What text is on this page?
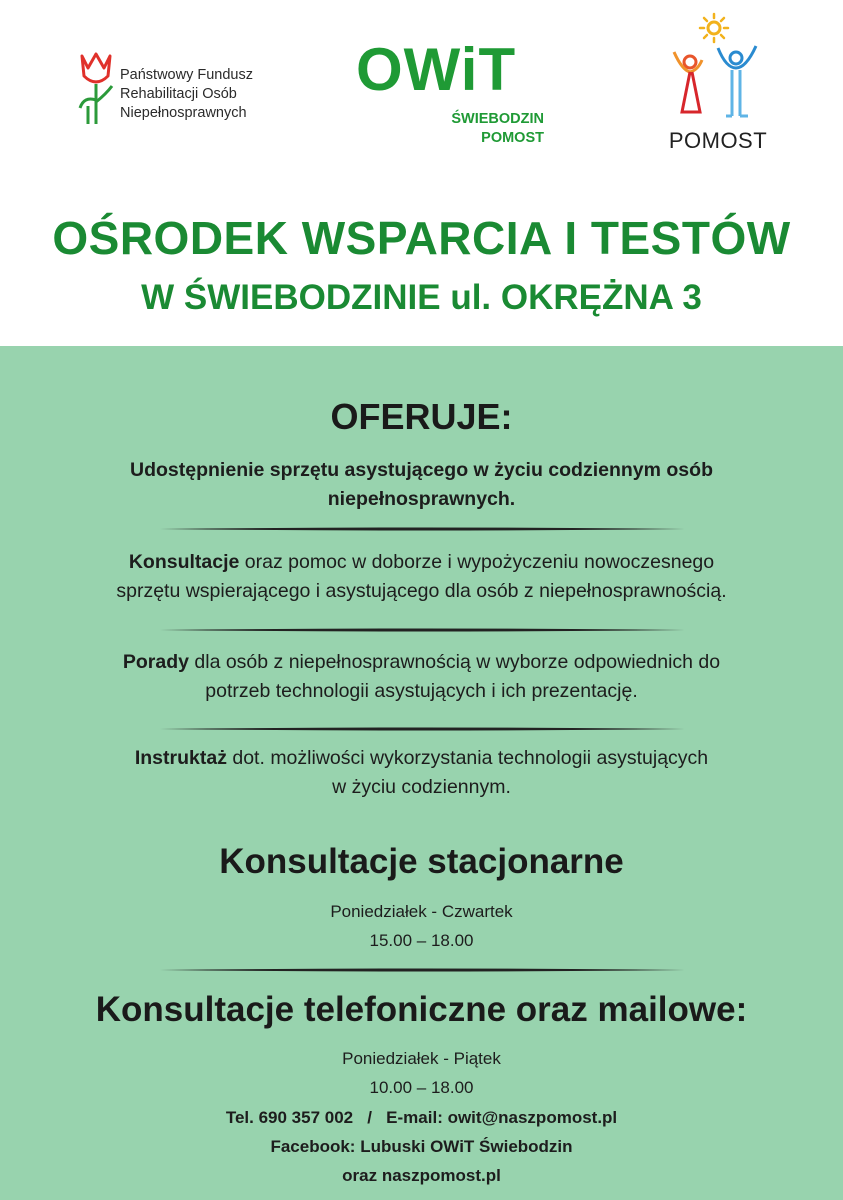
Państwowy Fundusz
Rehabilitacji Osób
Niepełnosprawnych
OWiT
ŚWIEBODZIN
POMOST	POMOST
OŚRODEK WSPARCIA I TESTÓW
W ŚWIEBODZINIE ul. OKRĘŻNA 3
OFERUJE:
Udostępnienie sprzętu asystującego w życiu codziennym osób
niepełnosprawnych.
Konsultacje oraz pomoc w doborze i wypożyczeniu nowoczesnego
sprzętu wspierającego i asystującego dla osób z niepełnosprawnością.
Porady dla osób z niepełnosprawnością w wyborze odpowiednich do
potrzeb technologii asystujących i ich prezentację.
Instruktaż dot. możliwości wykorzystania technologii asystujących
w życiu codziennym.
Konsultacje stacjonarne
Poniedziałek - Czwartek
15.00 – 18.00
Konsultacje telefoniczne oraz mailowe:
Poniedziałek - Piątek
10.00 – 18.00
Tel. 690 357 002   /   E-mail: owit@naszpomost.pl
Facebook: Lubuski OWiT Świebodzin
oraz naszpomost.pl
